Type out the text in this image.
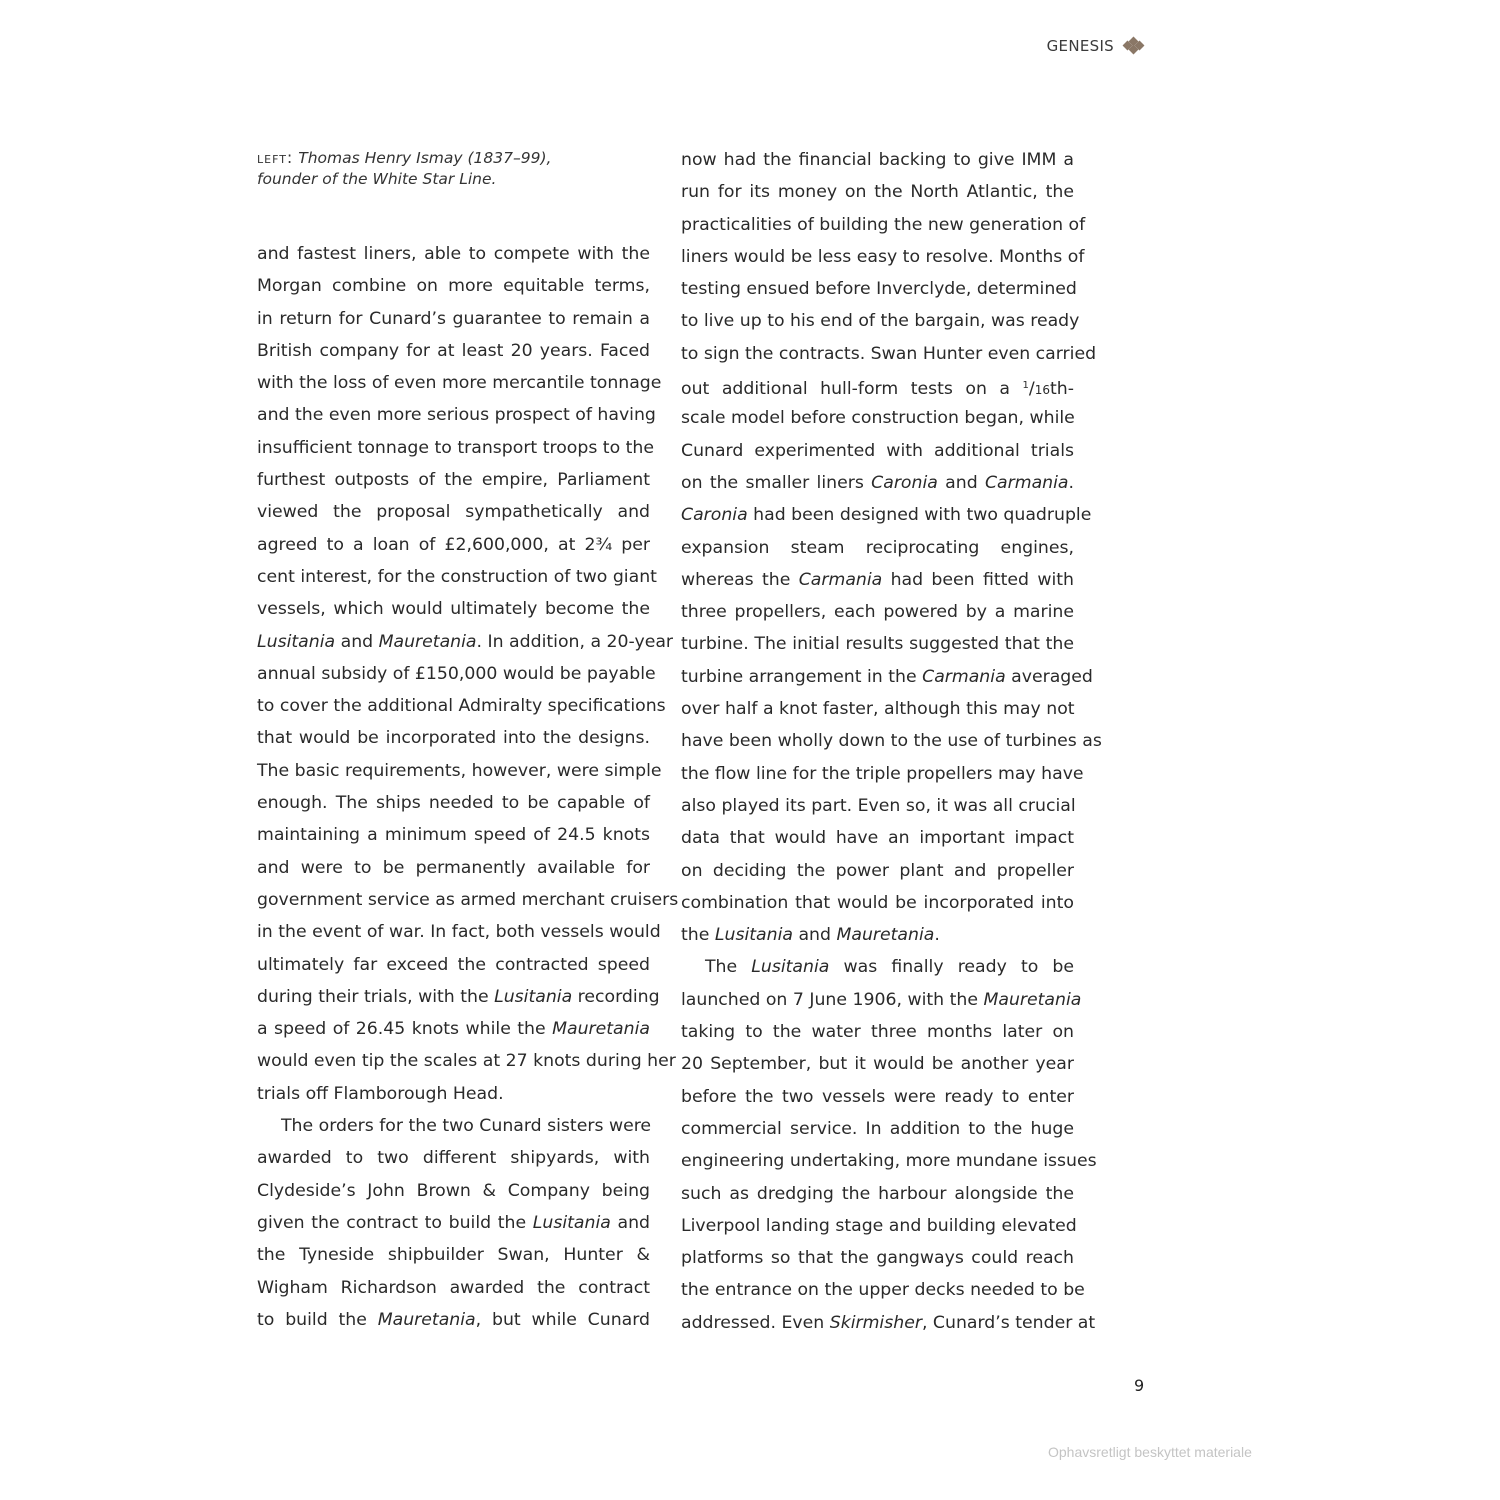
GENESIS
left: Thomas Henry Ismay (1837–99),
founder of the White Star Line.
and fastest liners, able to compete with the
Morgan combine on more equitable terms,
in return for Cunard’s guarantee to remain a
British company for at least 20 years. Faced
with the loss of even more mercantile tonnage
and the even more serious prospect of having
insufficient tonnage to transport troops to the
furthest outposts of the empire, Parliament
viewed the proposal sympathetically and
agreed to a loan of £2,600,000, at 2¾ per
cent interest, for the construction of two giant
vessels, which would ultimately become the
Lusitania and Mauretania. In addition, a 20-year
annual subsidy of £150,000 would be payable
to cover the additional Admiralty specifications
that would be incorporated into the designs.
The basic requirements, however, were simple
enough. The ships needed to be capable of
maintaining a minimum speed of 24.5 knots
and were to be permanently available for
government service as armed merchant cruisers
in the event of war. In fact, both vessels would
ultimately far exceed the contracted speed
during their trials, with the Lusitania recording
a speed of 26.45 knots while the Mauretania
would even tip the scales at 27 knots during her
trials off Flamborough Head.
The orders for the two Cunard sisters were
awarded to two different shipyards, with
Clydeside’s John Brown & Company being
given the contract to build the Lusitania and
the Tyneside shipbuilder Swan, Hunter &
Wigham Richardson awarded the contract
to build the Mauretania, but while Cunard
now had the financial backing to give IMM a
run for its money on the North Atlantic, the
practicalities of building the new generation of
liners would be less easy to resolve. Months of
testing ensued before Inverclyde, determined
to live up to his end of the bargain, was ready
to sign the contracts. Swan Hunter even carried
out additional hull-form tests on a $^1$/16th-
scale model before construction began, while
Cunard experimented with additional trials
on the smaller liners Caronia and Carmania.
Caronia had been designed with two quadruple
expansion steam reciprocating engines,
whereas the Carmania had been fitted with
three propellers, each powered by a marine
turbine. The initial results suggested that the
turbine arrangement in the Carmania averaged
over half a knot faster, although this may not
have been wholly down to the use of turbines as
the flow line for the triple propellers may have
also played its part. Even so, it was all crucial
data that would have an important impact
on deciding the power plant and propeller
combination that would be incorporated into
the Lusitania and Mauretania.
The Lusitania was finally ready to be
launched on 7 June 1906, with the Mauretania
taking to the water three months later on
20 September, but it would be another year
before the two vessels were ready to enter
commercial service. In addition to the huge
engineering undertaking, more mundane issues
such as dredging the harbour alongside the
Liverpool landing stage and building elevated
platforms so that the gangways could reach
the entrance on the upper decks needed to be
addressed. Even Skirmisher, Cunard’s tender at
9
Ophavsretligt beskyttet materiale
